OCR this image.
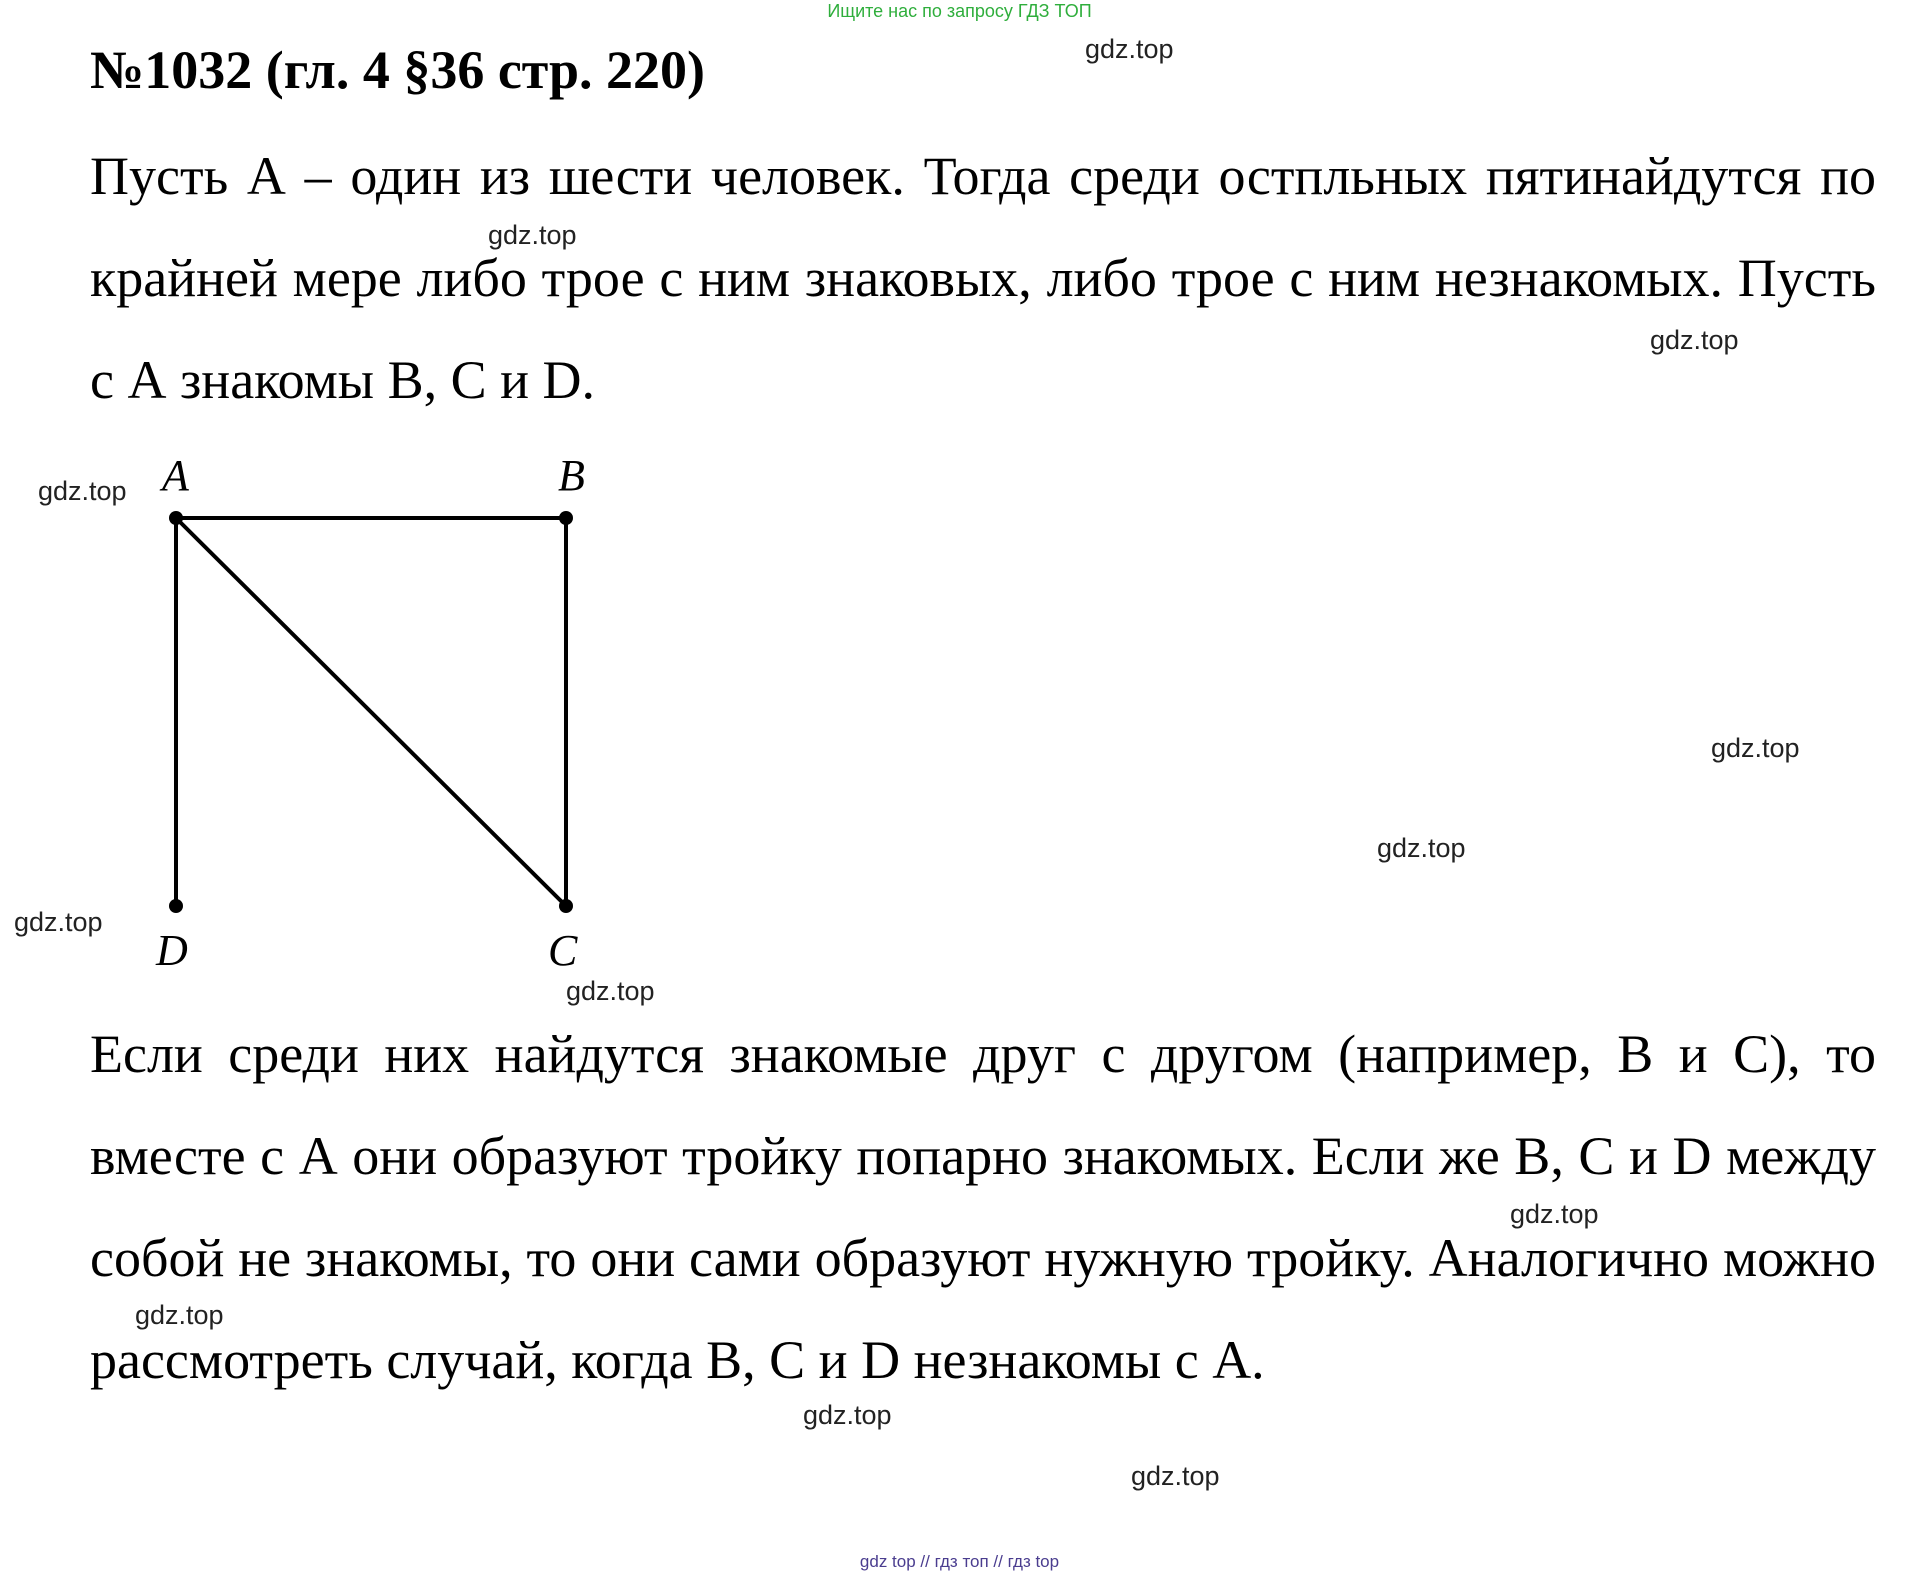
Ищите нас по запросу ГДЗ ТОП
№1032 (гл. 4 §36 стр. 220)

Пусть А – один из шести человек. Тогда среди остпльных пятинайдутся по крайней мере либо трое с ним знаковых, либо трое с ним незнакомых. Пусть с А знакомы В, С и D.

A	B
C
D

Если среди них найдутся знакомые друг с другом (например, В и С), то вместе с А они образуют тройку попарно знакомых. Если же В, С и D между собой не знакомы, то они сами образуют нужную тройку. Аналогично можно рассмотреть случай, когда В, С и D незнакомы с А.

gdz.top
gdz.top
gdz.top
gdz.top
gdz.top
gdz.top
gdz.top
gdz.top
gdz.top
gdz.top
gdz.top
gdz.top
gdz top // гдз топ // гдз top
